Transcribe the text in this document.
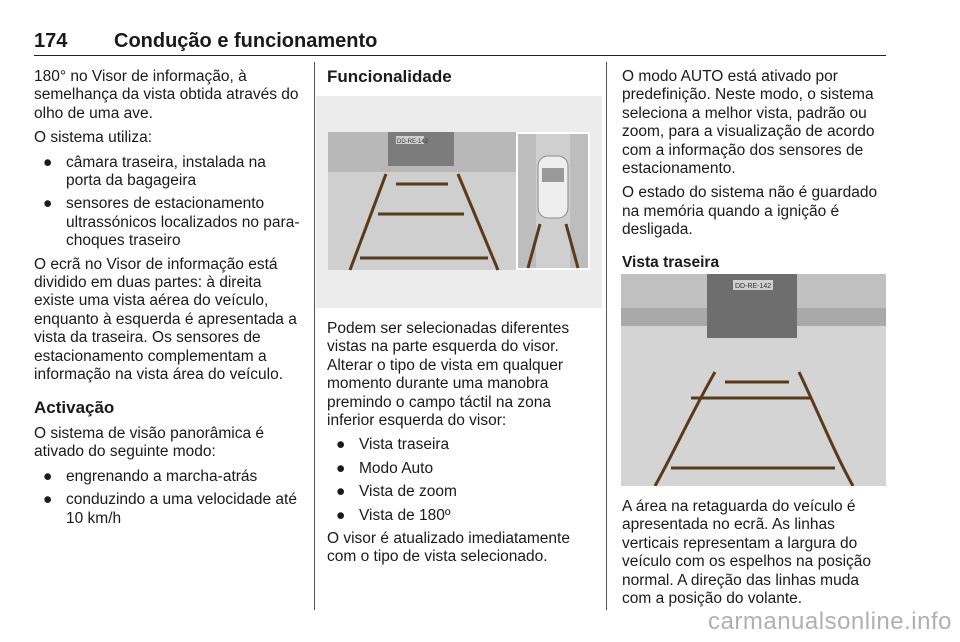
174 Condução e funcionamento

180° no Visor de informação, à semelhança da vista obtida através do olho de uma ave.

O sistema utiliza:

● câmara traseira, instalada na porta da bagageira
● sensores de estacionamento ultrassónicos localizados no para-choques traseiro

O ecrã no Visor de informação está dividido em duas partes: à direita existe uma vista aérea do veículo, enquanto à esquerda é apresentada a vista da traseira. Os sensores de estacionamento complementam a informação na vista área do veículo.

Activação

O sistema de visão panorâmica é ativado do seguinte modo:

● engrenando a marcha-atrás
● conduzindo a uma velocidade até 10 km/h
Funcionalidade
DD-RE-142

Podem ser selecionadas diferentes vistas na parte esquerda do visor. Alterar o tipo de vista em qualquer momento durante uma manobra premindo o campo táctil na zona inferior esquerda do visor:

● Vista traseira
● Modo Auto
● Vista de zoom
● Vista de 180º

O visor é atualizado imediatamente com o tipo de vista selecionado.

O modo AUTO está ativado por predefinição. Neste modo, o sistema seleciona a melhor vista, padrão ou zoom, para a visualização de acordo com a informação dos sensores de estacionamento.

O estado do sistema não é guardado na memória quando a ignição é desligada.

Vista traseira
DD-RE-142

A área na retaguarda do veículo é apresentada no ecrã. As linhas verticais representam a largura do veículo com os espelhos na posição normal. A direção das linhas muda com a posição do volante.

carmanualsonline.info
